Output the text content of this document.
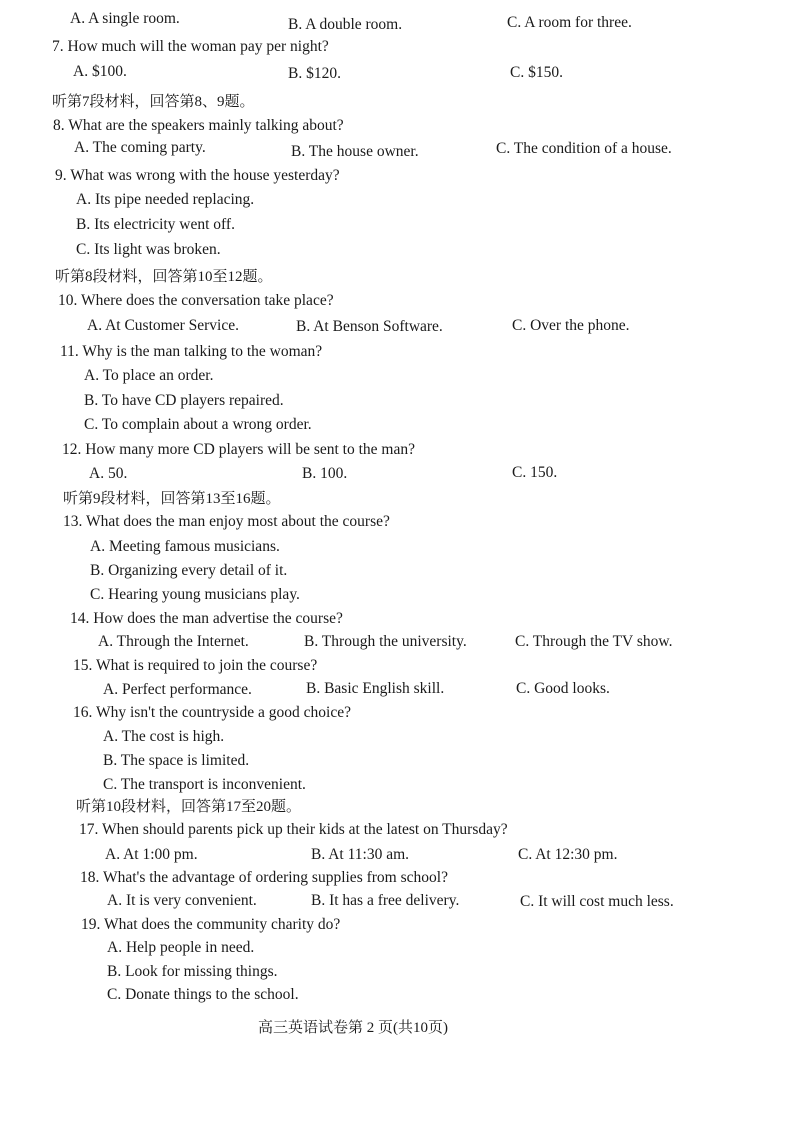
A. A single room.	B. A double room.	C. A room for three.
7. How much will the woman pay per night?
A. $100.	B. $120.	C. $150.
听第7段材料，回答第8、9题。
8. What are the speakers mainly talking about?
A. The coming party.	B. The house owner.	C. The condition of a house.
9. What was wrong with the house yesterday?
A. Its pipe needed replacing.
B. Its electricity went off.
C. Its light was broken.
听第8段材料，回答第10至12题。
10. Where does the conversation take place?
A. At Customer Service.	B. At Benson Software.	C. Over the phone.
11. Why is the man talking to the woman?
A. To place an order.
B. To have CD players repaired.
C. To complain about a wrong order.
12. How many more CD players will be sent to the man?
A. 50.	B. 100.	C. 150.
听第9段材料，回答第13至16题。
13. What does the man enjoy most about the course?
A. Meeting famous musicians.
B. Organizing every detail of it.
C. Hearing young musicians play.
14. How does the man advertise the course?
A. Through the Internet.	B. Through the university.	C. Through the TV show.
15. What is required to join the course?
A. Perfect performance.	B. Basic English skill.	C. Good looks.
16. Why isn't the countryside a good choice?
A. The cost is high.
B. The space is limited.
C. The transport is inconvenient.
听第10段材料，回答第17至20题。
17. When should parents pick up their kids at the latest on Thursday?
A. At 1:00 pm.	B. At 11:30 am.	C. At 12:30 pm.
18. What's the advantage of ordering supplies from school?
A. It is very convenient.	B. It has a free delivery.	C. It will cost much less.
19. What does the community charity do?
A. Help people in need.
B. Look for missing things.
C. Donate things to the school.
高三英语试卷第 2 页(共10页)
